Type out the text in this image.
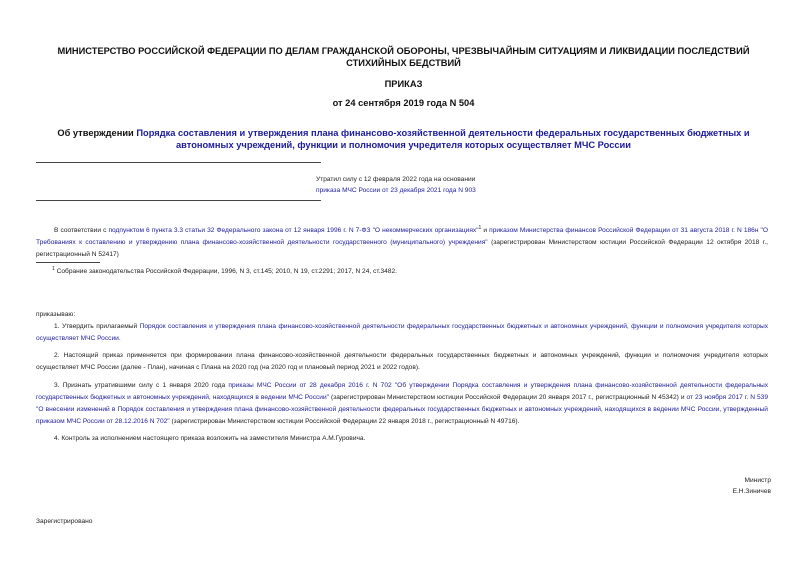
МИНИСТЕРСТВО РОССИЙСКОЙ ФЕДЕРАЦИИ ПО ДЕЛАМ ГРАЖДАНСКОЙ ОБОРОНЫ, ЧРЕЗВЫЧАЙНЫМ СИТУАЦИЯМ И ЛИКВИДАЦИИ ПОСЛЕДСТВИЙ СТИХИЙНЫХ БЕДСТВИЙ
ПРИКАЗ
от 24 сентября 2019 года N 504
Об утверждении Порядка составления и утверждения плана финансово-хозяйственной деятельности федеральных государственных бюджетных и автономных учреждений, функции и полномочия учредителя которых осуществляет МЧС России
Утратил силу с 12 февраля 2022 года на основании
приказа МЧС России от 23 декабря 2021 года N 903
В соответствии с подпунктом 6 пункта 3.3 статьи 32 Федерального закона от 12 января 1996 г. N 7-ФЗ "О некоммерческих организациях"$^1$ и приказом Министерства финансов Российской Федерации от 31 августа 2018 г. N 186н "О Требованиях к составлению и утверждению плана финансово-хозяйственной деятельности государственного (муниципального) учреждения" (зарегистрирован Министерством юстиции Российской Федерации 12 октября 2018 г., регистрационный N 52417)
$^1$ Собрание законодательства Российской Федерации, 1996, N 3, ст.145; 2010, N 19, ст.2291; 2017, N 24, ст.3482.
приказываю:
1. Утвердить прилагаемый Порядок составления и утверждения плана финансово-хозяйственной деятельности федеральных государственных бюджетных и автономных учреждений, функции и полномочия учредителя которых осуществляет МЧС России.
2. Настоящий приказ применяется при формировании плана финансово-хозяйственной деятельности федеральных государственных бюджетных и автономных учреждений, функции и полномочия учредителя которых осуществляет МЧС России (далее - План), начиная с Плана на 2020 год (на 2020 год и плановый период 2021 и 2022 годов).
3. Признать утратившими силу с 1 января 2020 года приказы МЧС России от 28 декабря 2016 г. N 702 "Об утверждении Порядка составления и утверждения плана финансово-хозяйственной деятельности федеральных государственных бюджетных и автономных учреждений, находящихся в ведении МЧС России" (зарегистрирован Министерством юстиции Российской Федерации 20 января 2017 г., регистрационный N 45342) и от 23 ноября 2017 г. N 539 "О внесении изменений в Порядок составления и утверждения плана финансово-хозяйственной деятельности федеральных государственных бюджетных и автономных учреждений, находящихся в ведении МЧС России, утвержденный приказом МЧС России от 28.12.2016 N 702" (зарегистрирован Министерством юстиции Российской Федерации 22 января 2018 г., регистрационный N 49716).
4. Контроль за исполнением настоящего приказа возложить на заместителя Министра А.М.Гуровича.
Министр
Е.Н.Зиничев
Зарегистрировано
